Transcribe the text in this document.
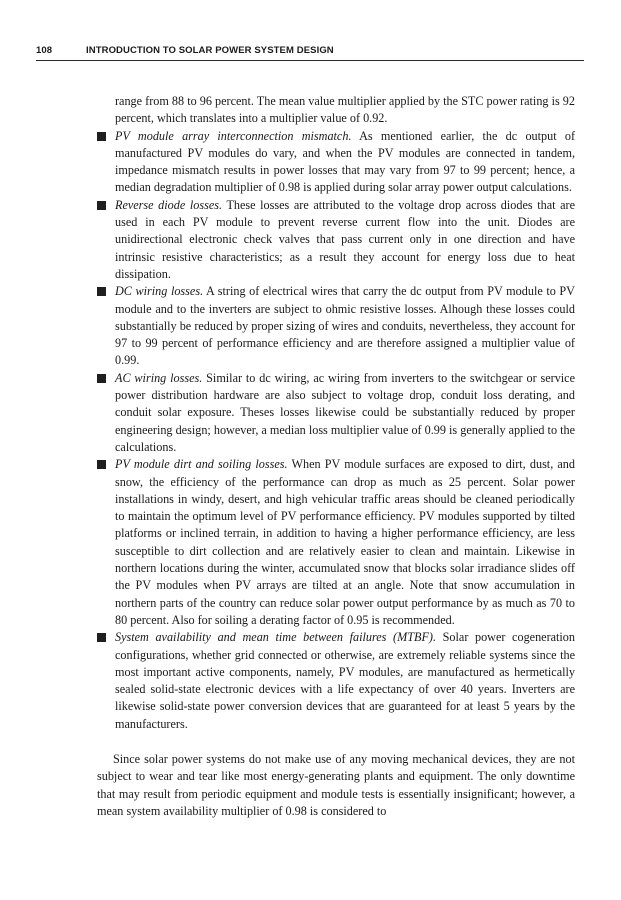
108	INTRODUCTION TO SOLAR POWER SYSTEM DESIGN

range from 88 to 96 percent. The mean value multiplier applied by the STC power rating is 92 percent, which translates into a multiplier value of 0.92.

PV module array interconnection mismatch. As mentioned earlier, the dc output of manufactured PV modules do vary, and when the PV modules are connected in tandem, impedance mismatch results in power losses that may vary from 97 to 99 percent; hence, a median degradation multiplier of 0.98 is applied during solar array power output calculations.
Reverse diode losses. These losses are attributed to the voltage drop across diodes that are used in each PV module to prevent reverse current flow into the unit. Diodes are unidirectional electronic check valves that pass current only in one direction and have intrinsic resistive characteristics; as a result they account for energy loss due to heat dissipation.
DC wiring losses. A string of electrical wires that carry the dc output from PV module to PV module and to the inverters are subject to ohmic resistive losses. Alhough these losses could substantially be reduced by proper sizing of wires and conduits, nevertheless, they account for 97 to 99 percent of performance efficiency and are therefore assigned a multiplier value of 0.99.
AC wiring losses. Similar to dc wiring, ac wiring from inverters to the switchgear or service power distribution hardware are also subject to voltage drop, conduit loss derating, and conduit solar exposure. Theses losses likewise could be substantially reduced by proper engineering design; however, a median loss multiplier value of 0.99 is generally applied to the calculations.
PV module dirt and soiling losses. When PV module surfaces are exposed to dirt, dust, and snow, the efficiency of the performance can drop as much as 25 percent. Solar power installations in windy, desert, and high vehicular traffic areas should be cleaned periodically to maintain the optimum level of PV performance efficiency. PV modules supported by tilted platforms or inclined terrain, in addition to having a higher performance efficiency, are less susceptible to dirt collection and are relatively easier to clean and maintain. Likewise in northern locations during the winter, accumulated snow that blocks solar irradiance slides off the PV modules when PV arrays are tilted at an angle. Note that snow accumulation in northern parts of the country can reduce solar power output performance by as much as 70 to 80 percent. Also for soiling a derating factor of 0.95 is recommended.
System availability and mean time between failures (MTBF). Solar power cogeneration configurations, whether grid connected or otherwise, are extremely reliable systems since the most important active components, namely, PV modules, are manufactured as hermetically sealed solid-state electronic devices with a life expectancy of over 40 years. Inverters are likewise solid-state power conversion devices that are guaranteed for at least 5 years by the manufacturers.

Since solar power systems do not make use of any moving mechanical devices, they are not subject to wear and tear like most energy-generating plants and equipment. The only downtime that may result from periodic equipment and module tests is essentially insignificant; however, a mean system availability multiplier of 0.98 is considered to
